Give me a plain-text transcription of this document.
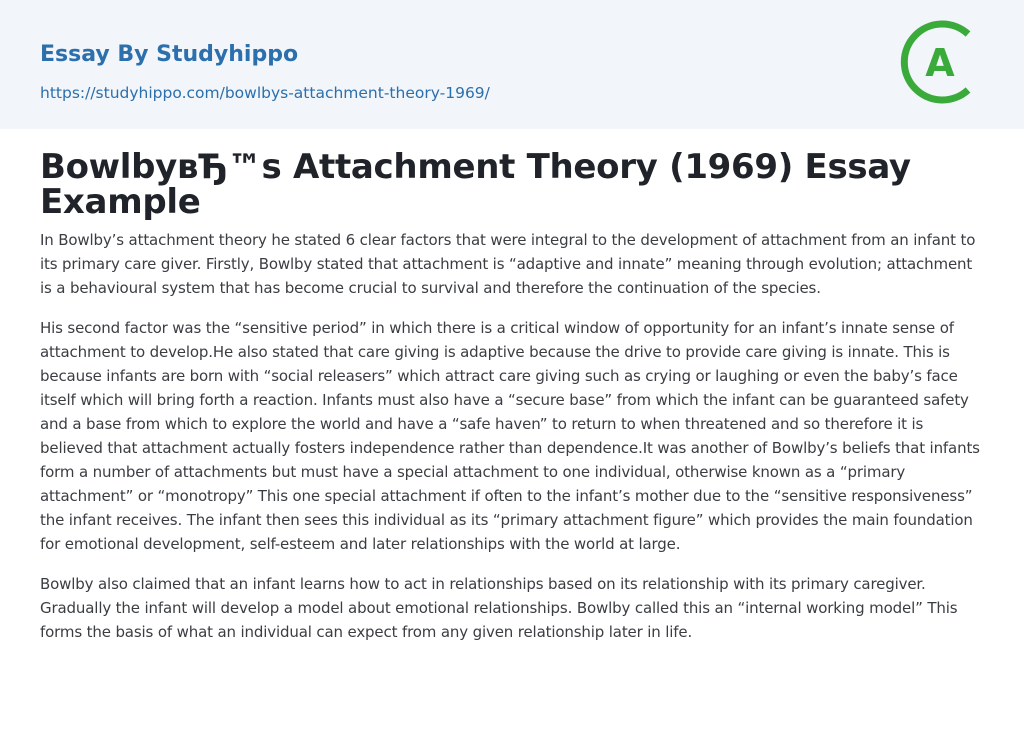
Essay By Studyhippo
https://studyhippo.com/bowlbys-attachment-theory-1969/
A
BowlbyвЂ™s Attachment Theory (1969) Essay Example

In Bowlby’s attachment theory he stated 6 clear factors that were integral to the development of attachment from an infant to its primary care giver. Firstly, Bowlby stated that attachment is “adaptive and innate” meaning through evolution; attachment is a behavioural system that has become crucial to survival and therefore the continuation of the species.

His second factor was the “sensitive period” in which there is a critical window of opportunity for an infant’s innate sense of attachment to develop.He also stated that care giving is adaptive because the drive to provide care giving is innate. This is because infants are born with “social releasers” which attract care giving such as crying or laughing or even the baby’s face itself which will bring forth a reaction. Infants must also have a “secure base” from which the infant can be guaranteed safety and a base from which to explore the world and have a “safe haven” to return to when threatened and so therefore it is believed that attachment actually fosters independence rather than dependence.It was another of Bowlby’s beliefs that infants form a number of attachments but must have a special attachment to one individual, otherwise known as a “primary attachment” or “monotropy” This one special attachment if often to the infant’s mother due to the “sensitive responsiveness” the infant receives. The infant then sees this individual as its “primary attachment figure” which provides the main foundation for emotional development, self-esteem and later relationships with the world at large.

Bowlby also claimed that an infant learns how to act in relationships based on its relationship with its primary caregiver. Gradually the infant will develop a model about emotional relationships. Bowlby called this an “internal working model” This forms the basis of what an individual can expect from any given relationship later in life.
